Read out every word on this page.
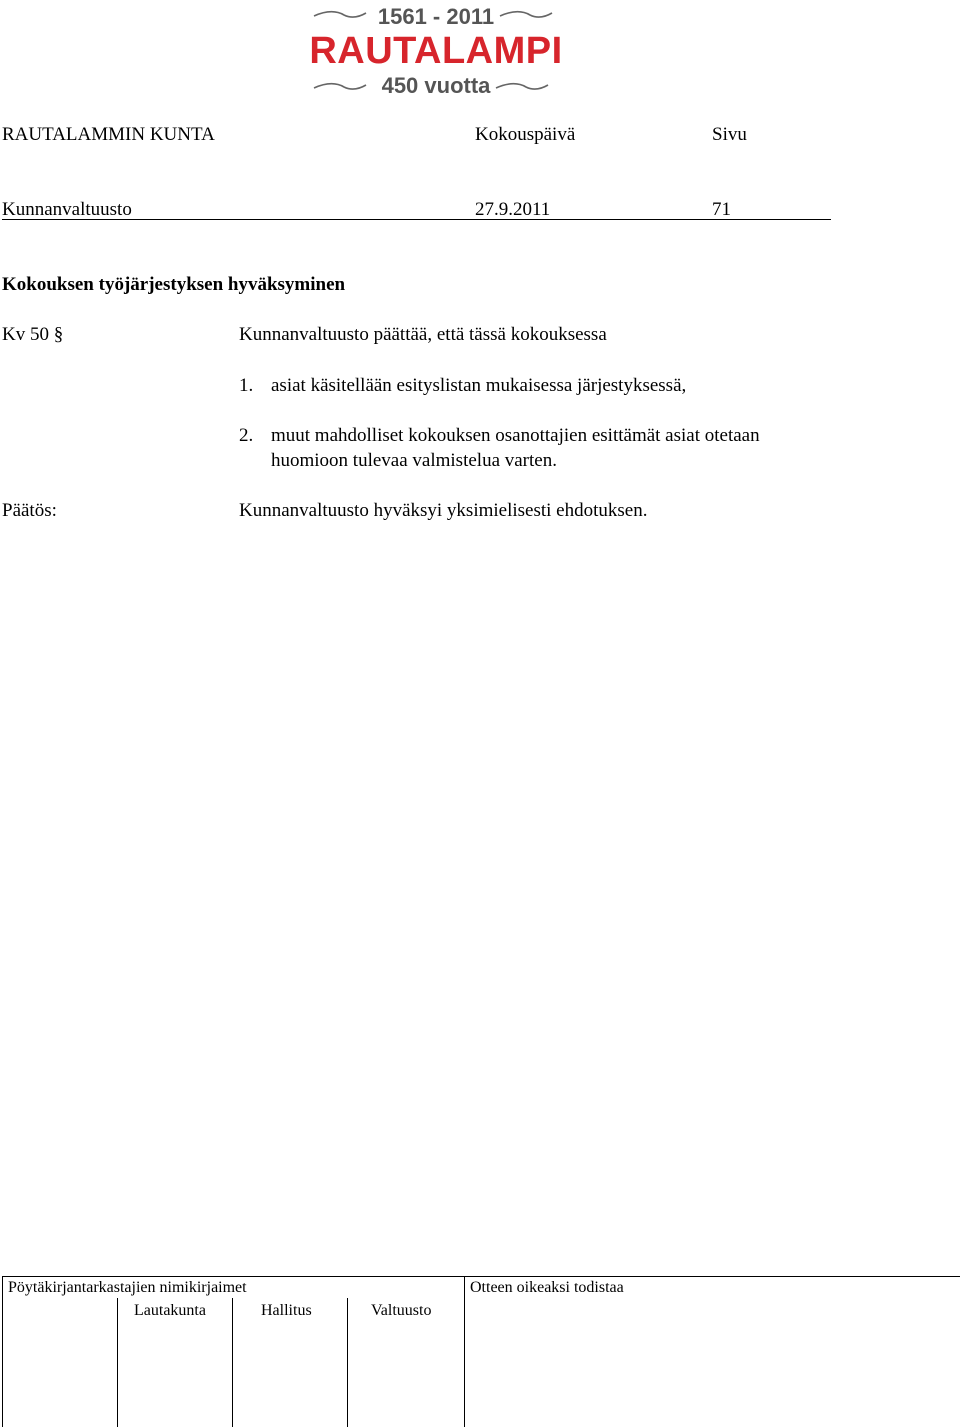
1561 - 2011
RAUTALAMPI
450 vuotta
RAUTALAMMIN KUNTA	Kokouspäivä	Sivu
Kunnanvaltuusto	27.9.2011	71
Kokouksen työjärjestyksen hyväksyminen
Kv 50 §	Kunnanvaltuusto päättää, että tässä kokouksessa
1. asiat käsitellään esityslistan mukaisessa järjestyksessä,
2. muut mahdolliset kokouksen osanottajien esittämät asiat otetaan
huomioon tulevaa valmistelua varten.
Päätös:	Kunnanvaltuusto hyväksyi yksimielisesti ehdotuksen.
Pöytäkirjantarkastajien nimikirjaimet
Lautakunta	Hallitus	Valtuusto
Otteen oikeaksi todistaa
